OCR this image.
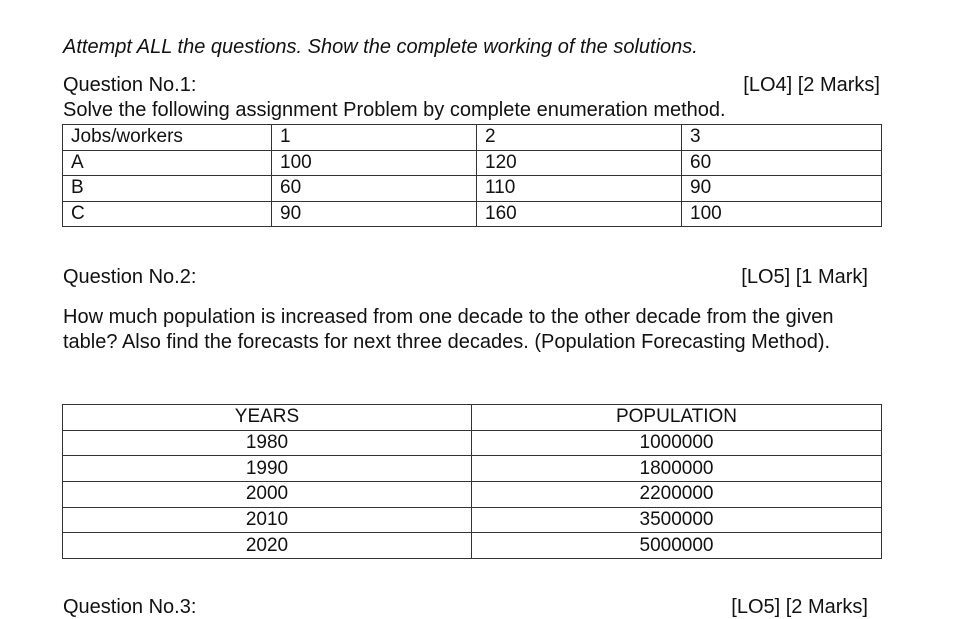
Attempt ALL the questions. Show the complete working of the solutions.
Question No.1:	[LO4] [2 Marks]
Solve the following assignment Problem by complete enumeration method.
Jobs/workers	1	2	3
A	100	120	60
B	60	110	90
C	90	160	100
Question No.2:	[LO5] [1 Mark]
How much population is increased from one decade to the other decade from the given table? Also find the forecasts for next three decades. (Population Forecasting Method).
YEARS	POPULATION
1980	1000000
1990	1800000
2000	2200000
2010	3500000
2020	5000000
Question No.3:	[LO5] [2 Marks]
